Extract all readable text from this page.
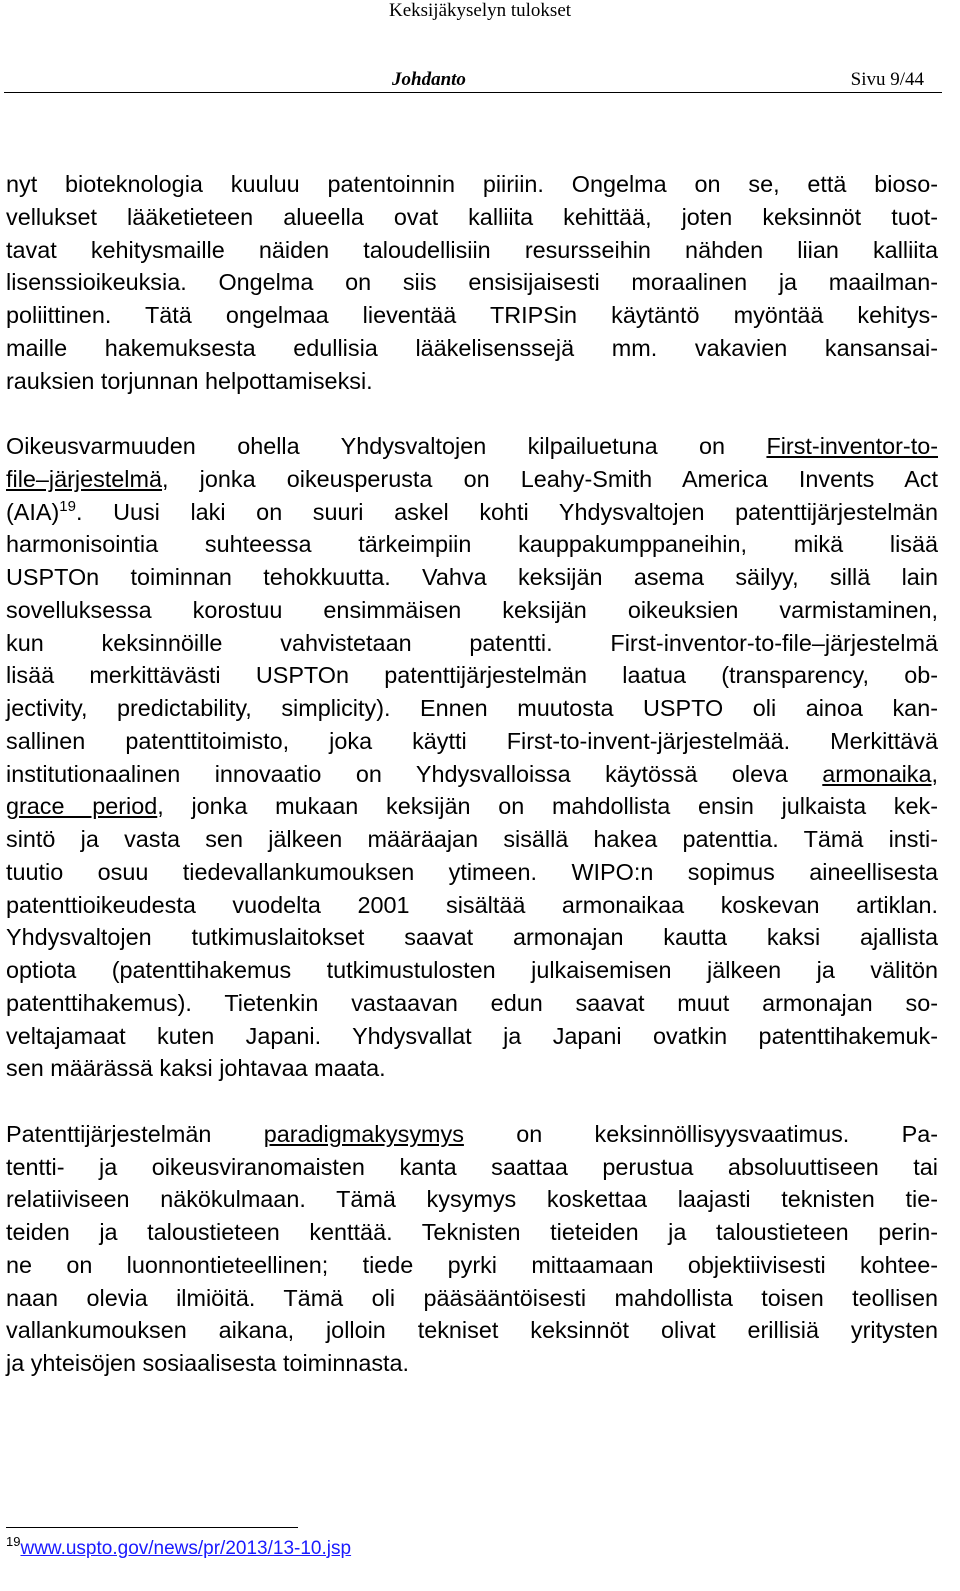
Keksijäkyselyn tulokset
Johdanto	Sivu 9/44
nyt bioteknologia kuuluu patentoinnin piiriin. Ongelma on se, että bioso-
vellukset lääketieteen alueella ovat kalliita kehittää, joten keksinnöt tuot-
tavat kehitysmaille näiden taloudellisiin resursseihin nähden liian kalliita
lisenssioikeuksia. Ongelma on siis ensisijaisesti moraalinen ja maailman-
poliittinen. Tätä ongelmaa lieventää TRIPSin käytäntö myöntää kehitys-
maille hakemuksesta edullisia lääkelisenssejä mm. vakavien kansansai-
rauksien torjunnan helpottamiseksi.
Oikeusvarmuuden ohella Yhdysvaltojen kilpailuetuna on First-inventor-to-
file–järjestelmä, jonka oikeusperusta on Leahy-Smith America Invents Act
(AIA)$^{19}$. Uusi laki on suuri askel kohti Yhdysvaltojen patenttijärjestelmän
harmonisointia suhteessa tärkeimpiin kauppakumppaneihin, mikä lisää
USPTOn toiminnan tehokkuutta. Vahva keksijän asema säilyy, sillä lain
sovelluksessa korostuu ensimmäisen keksijän oikeuksien varmistaminen,
kun keksinnöille vahvistetaan patentti. First-inventor-to-file–järjestelmä
lisää merkittävästi USPTOn patenttijärjestelmän laatua (transparency, ob-
jectivity, predictability, simplicity). Ennen muutosta USPTO oli ainoa kan-
sallinen patenttitoimisto, joka käytti First-to-invent-järjestelmää. Merkittävä
institutionaalinen innovaatio on Yhdysvalloissa käytössä oleva armonaika,
grace period, jonka mukaan keksijän on mahdollista ensin julkaista kek-
sintö ja vasta sen jälkeen määräajan sisällä hakea patenttia. Tämä insti-
tuutio osuu tiedevallankumouksen ytimeen. WIPO:n sopimus aineellisesta
patenttioikeudesta vuodelta 2001 sisältää armonaikaa koskevan artiklan.
Yhdysvaltojen tutkimuslaitokset saavat armonajan kautta kaksi ajallista
optiota (patenttihakemus tutkimustulosten julkaisemisen jälkeen ja välitön
patenttihakemus). Tietenkin vastaavan edun saavat muut armonajan so-
veltajamaat kuten Japani. Yhdysvallat ja Japani ovatkin patenttihakemuk-
sen määrässä kaksi johtavaa maata.
Patenttijärjestelmän paradigmakysymys on keksinnöllisyysvaatimus. Pa-
tentti- ja oikeusviranomaisten kanta saattaa perustua absoluuttiseen tai
relatiiviseen näkökulmaan. Tämä kysymys koskettaa laajasti teknisten tie-
teiden ja taloustieteen kenttää. Teknisten tieteiden ja taloustieteen perin-
ne on luonnontieteellinen; tiede pyrki mittaamaan objektiivisesti kohtee-
naan olevia ilmiöitä. Tämä oli pääsääntöisesti mahdollista toisen teollisen
vallankumouksen aikana, jolloin tekniset keksinnöt olivat erillisiä yritysten
ja yhteisöjen sosiaalisesta toiminnasta.
$^{19}$www.uspto.gov/news/pr/2013/13-10.jsp
